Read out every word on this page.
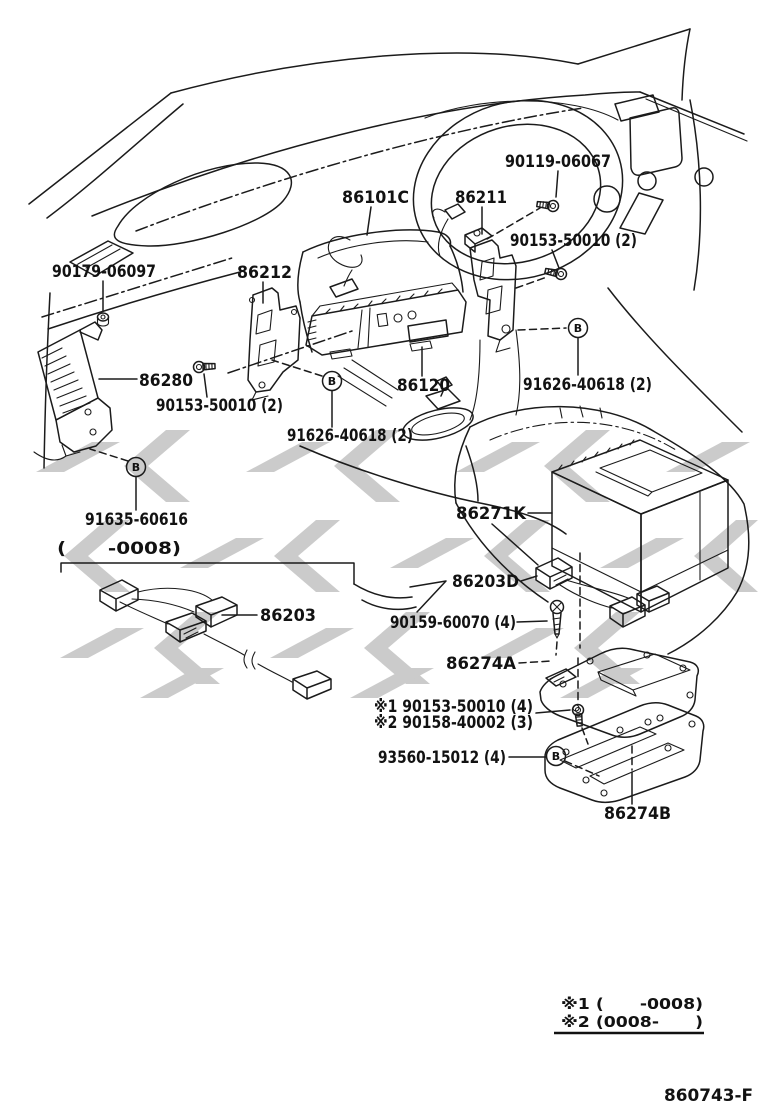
B
B
B
B
90119-06067
86101C	86211
90153-50010 (2)
90179-06097	86212
86280
90153-50010 (2)
91626-40618 (2)
86120	91626-40618 (2)
91635-60616
(      -0008)
86203
86203D
86271K
90159-60070 (4)
86274A
※1 90153-50010 (4)
※2 90158-40002 (3)
93560-15012 (4)
86274B
※1 (      -0008)
※2 (0008-      )
860743-F
